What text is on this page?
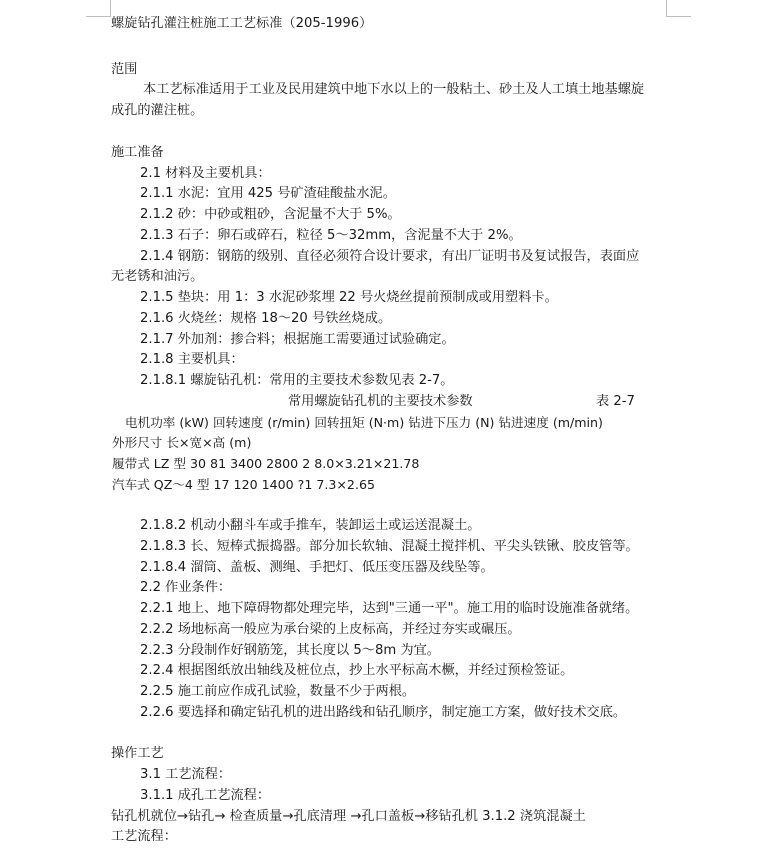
螺旋钻孔灌注桩施工工艺标准（205-1996）
范围
本工艺标准适用于工业及民用建筑中地下水以上的一般粘土、砂土及人工填土地基螺旋
成孔的灌注桩。
施工准备
2.1 材料及主要机具：
2.1.1 水泥：宜用 425 号矿渣硅酸盐水泥。
2.1.2 砂：中砂或粗砂，含泥量不大于 5%。
2.1.3 石子：卵石或碎石，粒径 5～32mm，含泥量不大于 2%。
2.1.4 钢筋：钢筋的级别、直径必须符合设计要求，有出厂证明书及复试报告，表面应
无老锈和油污。
2.1.5 垫块：用 1：3 水泥砂浆埋 22 号火烧丝提前预制成或用塑料卡。
2.1.6 火烧丝：规格 18～20 号铁丝烧成。
2.1.7 外加剂：掺合料；根据施工需要通过试验确定。
2.1.8 主要机具：
2.1.8.1 螺旋钻孔机：常用的主要技术参数见表 2-7。
常用螺旋钻孔机的主要技术参数	表 2-7
电机功率 (kW) 回转速度 (r/min) 回转扭矩 (N·m) 钻进下压力 (N) 钻进速度 (m/min)
外形尺寸 长×宽×高 (m)
履带式 LZ 型 30 81 3400 2800 2 8.0×3.21×21.78
汽车式 QZ～4 型 17 120 1400 ?1 7.3×2.65
2.1.8.2 机动小翻斗车或手推车，装卸运土或运送混凝土。
2.1.8.3 长、短棒式振捣器。部分加长软轴、混凝土搅拌机、平尖头铁锹、胶皮管等。
2.1.8.4 溜筒、盖板、测绳、手把灯、低压变压器及线坠等。
2.2 作业条件：
2.2.1 地上、地下障碍物都处理完毕，达到"三通一平"。施工用的临时设施准备就绪。
2.2.2 场地标高一般应为承台梁的上皮标高，并经过夯实或碾压。
2.2.3 分段制作好钢筋笼，其长度以 5～8m 为宜。
2.2.4 根据图纸放出轴线及桩位点，抄上水平标高木橛，并经过预检签证。
2.2.5 施工前应作成孔试验，数量不少于两根。
2.2.6 要选择和确定钻孔机的进出路线和钻孔顺序，制定施工方案，做好技术交底。
操作工艺
3.1 工艺流程：
3.1.1 成孔工艺流程：
钻孔机就位→钻孔→ 检查质量→孔底清理 →孔口盖板→移钻孔机 3.1.2 浇筑混凝土
工艺流程：
